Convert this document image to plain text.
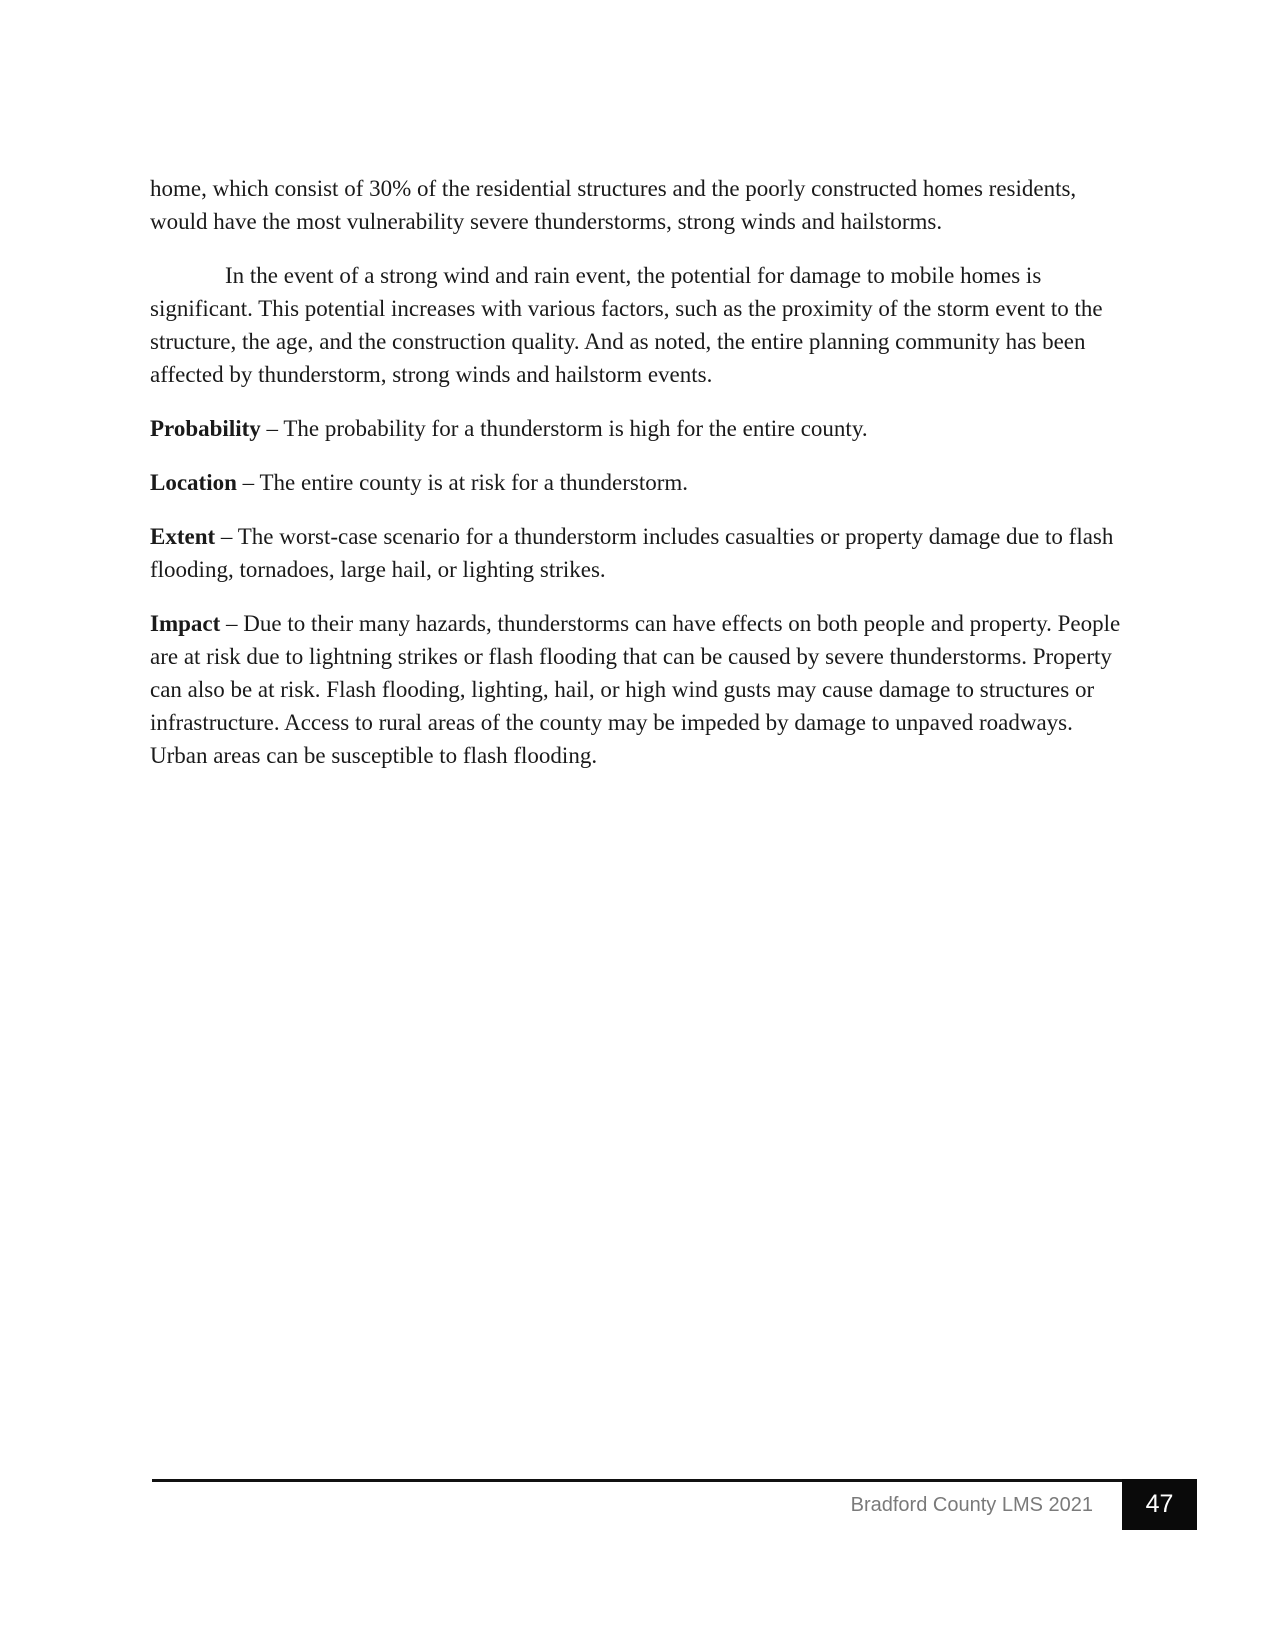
home, which consist of 30% of the residential structures and the poorly constructed homes residents, would have the most vulnerability severe thunderstorms, strong winds and hailstorms.

In the event of a strong wind and rain event, the potential for damage to mobile homes is significant. This potential increases with various factors, such as the proximity of the storm event to the structure, the age, and the construction quality. And as noted, the entire planning community has been affected by thunderstorm, strong winds and hailstorm events.

Probability – The probability for a thunderstorm is high for the entire county.

Location – The entire county is at risk for a thunderstorm.

Extent – The worst-case scenario for a thunderstorm includes casualties or property damage due to flash flooding, tornadoes, large hail, or lighting strikes.

Impact – Due to their many hazards, thunderstorms can have effects on both people and property. People are at risk due to lightning strikes or flash flooding that can be caused by severe thunderstorms. Property can also be at risk. Flash flooding, lighting, hail, or high wind gusts may cause damage to structures or infrastructure. Access to rural areas of the county may be impeded by damage to unpaved roadways. Urban areas can be susceptible to flash flooding.

Bradford County LMS 2021 47
